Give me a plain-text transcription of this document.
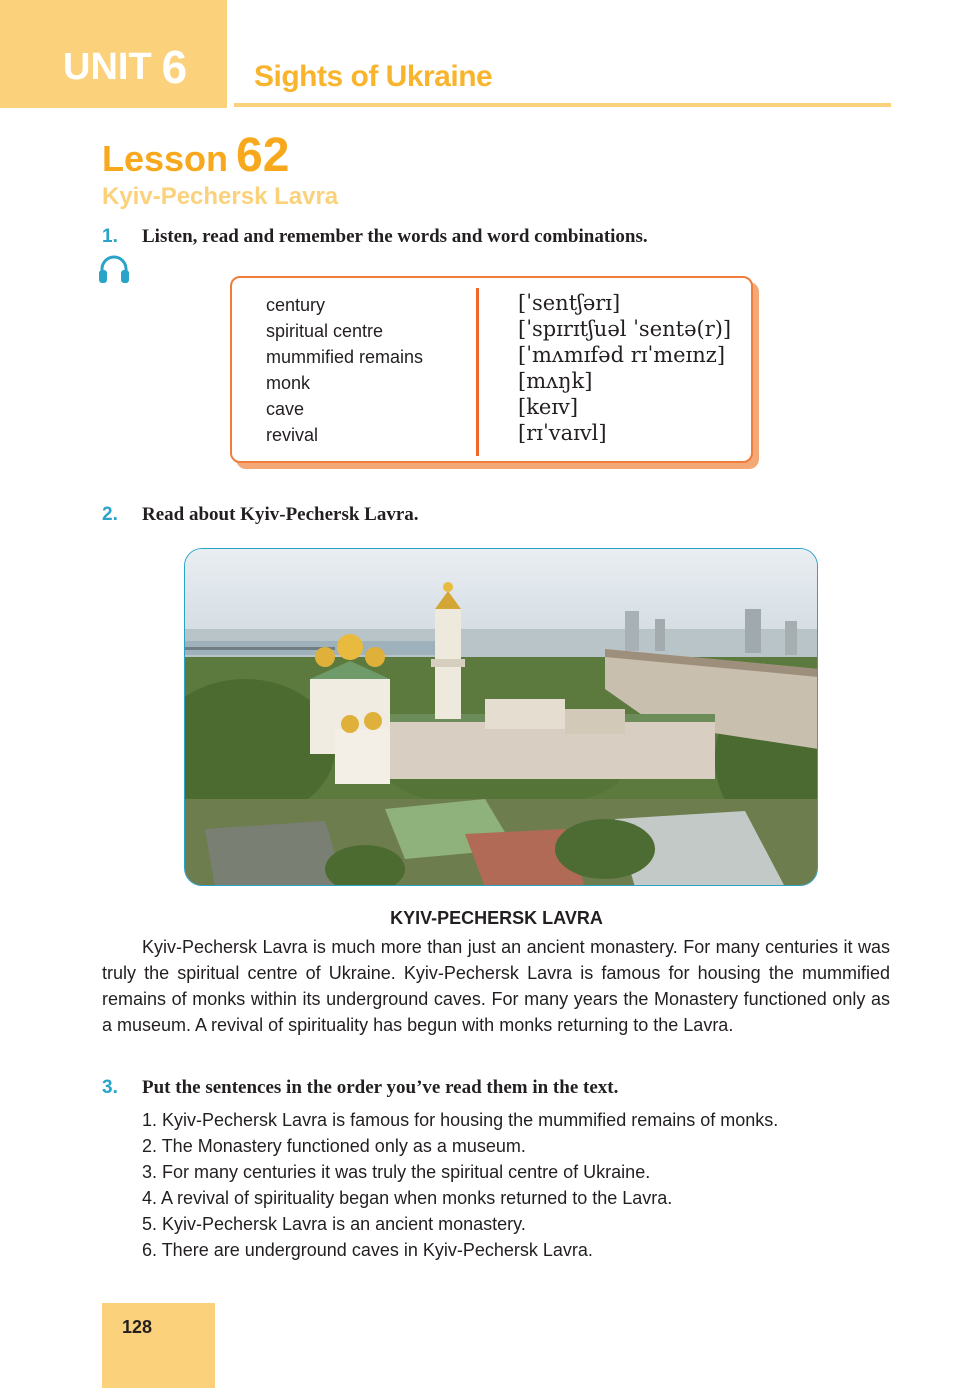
UNIT 6 Sights of Ukraine
Lesson 62
Kyiv-Pechersk Lavra
1. Listen, read and remember the words and word combinations.
century
spiritual centre
mummified remains
monk
cave
revival
[ˈsentʃərɪ]
[ˈspɪrɪtʃuəl ˈsentə(r)]
[ˈmʌmɪfəd rɪˈmeɪnz]
[mʌŋk]
[keɪv]
[rɪˈvaɪvl]
2. Read about Kyiv-Pechersk Lavra.
KYIV-PECHERSK LAVRA

Kyiv-Pechersk Lavra is much more than just an ancient monastery. For many centuries it was truly the spiritual centre of Ukraine. Kyiv-Pechersk Lavra is famous for housing the mummified remains of monks within its underground caves. For many years the Monastery functioned only as a museum. A revival of spirituality has begun with monks returning to the Lavra.

3. Put the sentences in the order you’ve read them in the text.
1. Kyiv-Pechersk Lavra is famous for housing the mummified remains of monks.
2. The Monastery functioned only as a museum.
3. For many centuries it was truly the spiritual centre of Ukraine.
4. A revival of spirituality began when monks returned to the Lavra.
5. Kyiv-Pechersk Lavra is an ancient monastery.
6. There are underground caves in Kyiv-Pechersk Lavra.
128
